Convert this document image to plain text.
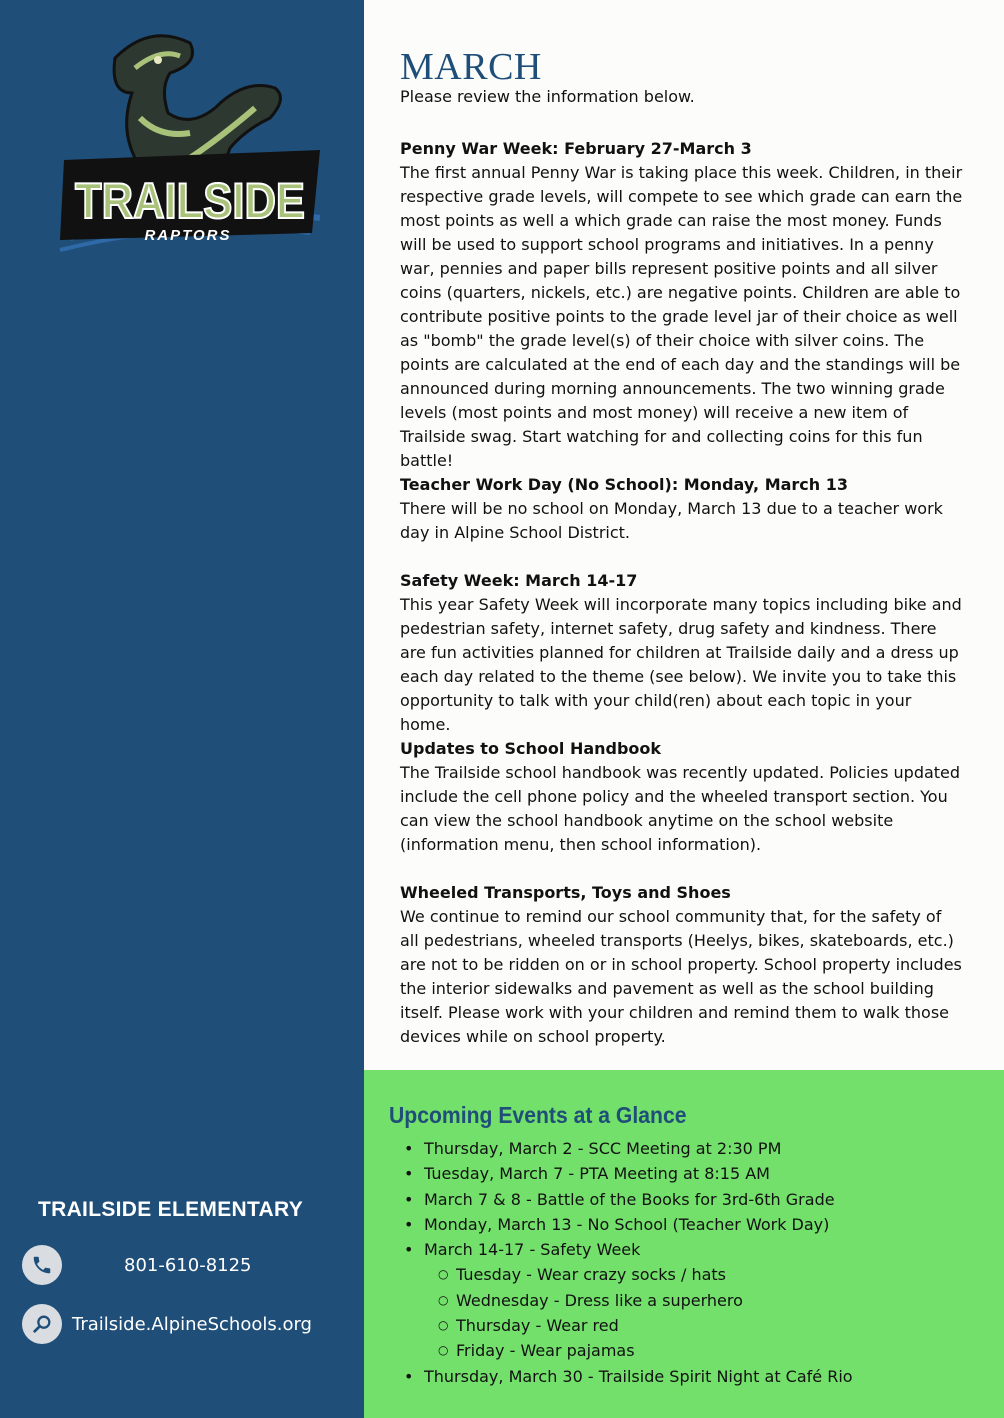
TRAILSIDE
RAPTORS
TRAILSIDE ELEMENTARY
801-610-8125
Trailside.AlpineSchools.org
MARCH
Please review the information below.
Penny War Week: February 27-March 3
The first annual Penny War is taking place this week. Children, in their respective grade levels, will compete to see which grade can earn the most points as well a which grade can raise the most money. Funds will be used to support school programs and initiatives. In a penny war, pennies and paper bills represent positive points and all silver coins (quarters, nickels, etc.) are negative points. Children are able to contribute positive points to the grade level jar of their choice as well as "bomb" the grade level(s) of their choice with silver coins. The points are calculated at the end of each day and the standings will be announced during morning announcements. The two winning grade levels (most points and most money) will receive a new item of Trailside swag. Start watching for and collecting coins for this fun battle!
Teacher Work Day (No School): Monday, March 13
There will be no school on Monday, March 13 due to a teacher work day in Alpine School District.
Safety Week: March 14-17
This year Safety Week will incorporate many topics including bike and pedestrian safety, internet safety, drug safety and kindness. There are fun activities planned for children at Trailside daily and a dress up each day related to the theme (see below). We invite you to take this opportunity to talk with your child(ren) about each topic in your home.
Updates to School Handbook
The Trailside school handbook was recently updated. Policies updated include the cell phone policy and the wheeled transport section. You can view the school handbook anytime on the school website (information menu, then school information).
Wheeled Transports, Toys and Shoes
We continue to remind our school community that, for the safety of all pedestrians, wheeled transports (Heelys, bikes, skateboards, etc.) are not to be ridden on or in school property. School property includes the interior sidewalks and pavement as well as the school building itself. Please work with your children and remind them to walk those devices while on school property.
Upcoming Events at a Glance
• Thursday, March 2 - SCC Meeting at 2:30 PM
• Tuesday, March 7 - PTA Meeting at 8:15 AM
• March 7 & 8 - Battle of the Books for 3rd-6th Grade
• Monday, March 13 - No School (Teacher Work Day)
• March 14-17 - Safety Week
○ Tuesday - Wear crazy socks / hats
○ Wednesday - Dress like a superhero
○ Thursday - Wear red
○ Friday - Wear pajamas
• Thursday, March 30 - Trailside Spirit Night at Café Rio
